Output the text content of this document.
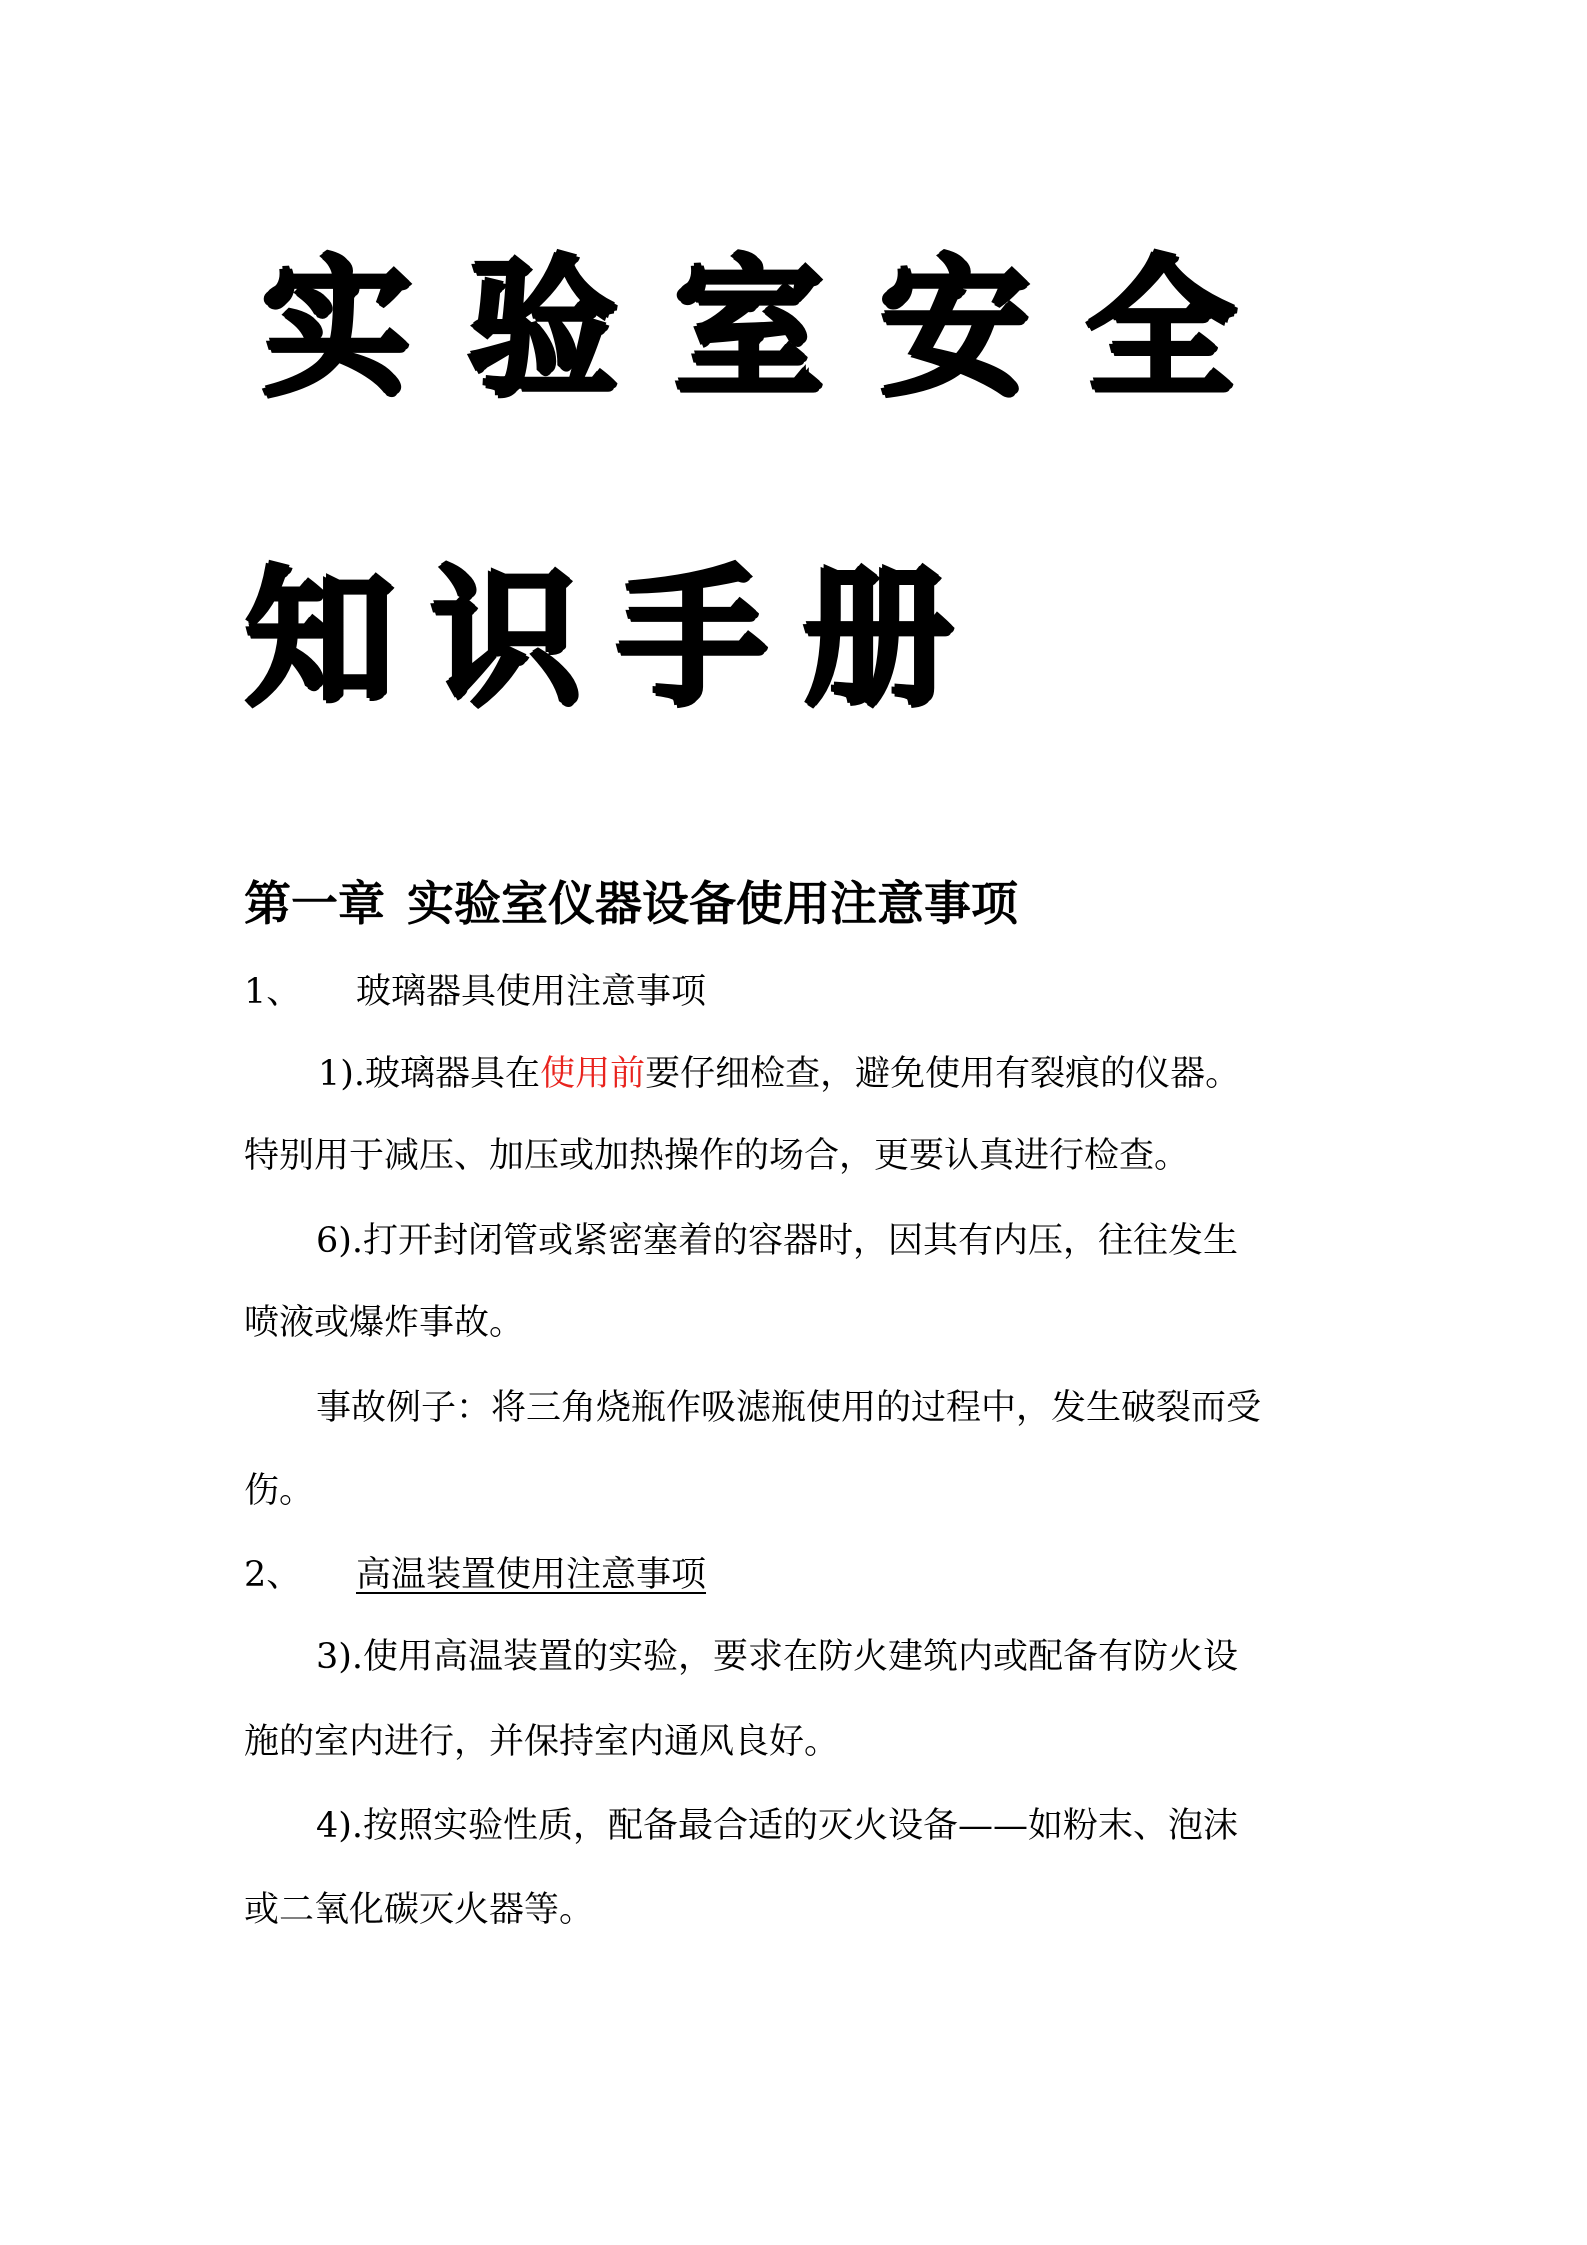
实验室安全
知识手册
第一章 实验室仪器设备使用注意事项
1、 玻璃器具使用注意事项
1).玻璃器具在使用前要仔细检查，避免使用有裂痕的仪器。
特别用于减压、加压或加热操作的场合，更要认真进行检查。
6).打开封闭管或紧密塞着的容器时，因其有内压，往往发生
喷液或爆炸事故。
事故例子：将三角烧瓶作吸滤瓶使用的过程中，发生破裂而受
伤。
2、 高温装置使用注意事项
3).使用高温装置的实验，要求在防火建筑内或配备有防火设
施的室内进行，并保持室内通风良好。
4).按照实验性质，配备最合适的灭火设备——如粉末、泡沫
或二氧化碳灭火器等。
